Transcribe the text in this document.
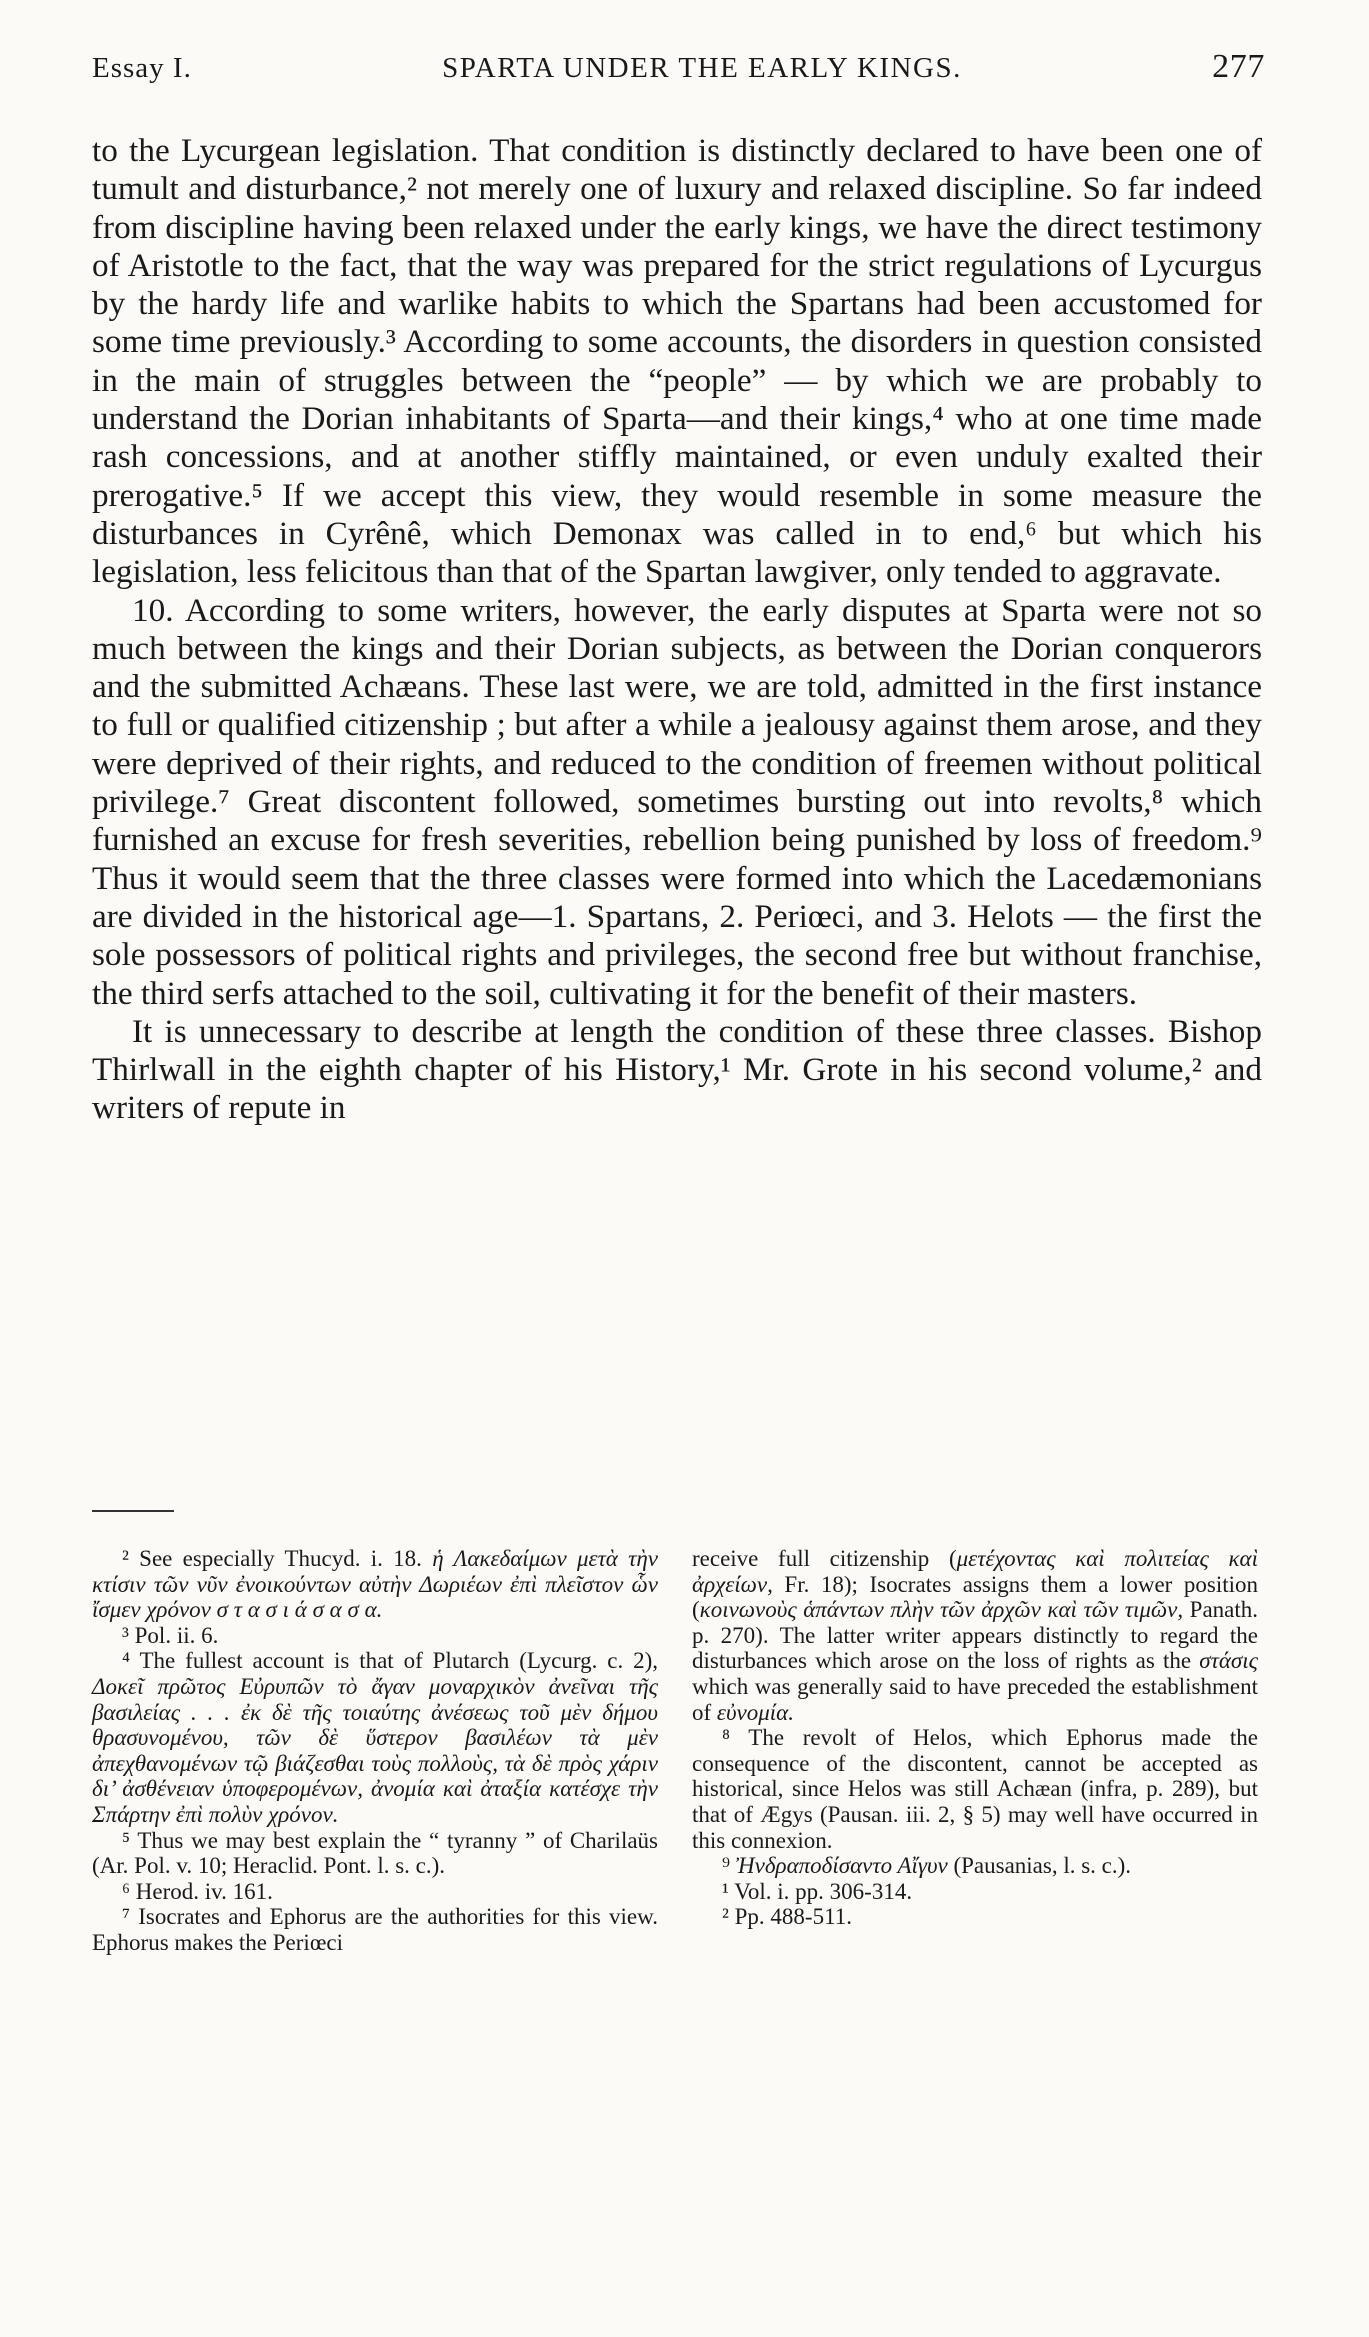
Essay I.	SPARTA UNDER THE EARLY KINGS.	277

to the Lycurgean legislation. That condition is distinctly declared to have been one of tumult and disturbance,² not merely one of luxury and relaxed discipline. So far indeed from discipline having been relaxed under the early kings, we have the direct testimony of Aristotle to the fact, that the way was prepared for the strict regulations of Lycurgus by the hardy life and warlike habits to which the Spartans had been accustomed for some time previously.³ According to some accounts, the disorders in question consisted in the main of struggles between the “people” — by which we are probably to understand the Dorian inhabitants of Sparta—and their kings,⁴ who at one time made rash concessions, and at another stiffly maintained, or even unduly exalted their prerogative.⁵ If we accept this view, they would resemble in some measure the disturbances in Cyrênê, which Demonax was called in to end,⁶ but which his legislation, less felicitous than that of the Spartan lawgiver, only tended to aggravate.

10. According to some writers, however, the early disputes at Sparta were not so much between the kings and their Dorian subjects, as between the Dorian conquerors and the submitted Achæans. These last were, we are told, admitted in the first instance to full or qualified citizenship ; but after a while a jealousy against them arose, and they were deprived of their rights, and reduced to the condition of freemen without political privilege.⁷ Great discontent followed, sometimes bursting out into revolts,⁸ which furnished an excuse for fresh severities, rebellion being punished by loss of freedom.⁹ Thus it would seem that the three classes were formed into which the Lacedæmonians are divided in the historical age—1. Spartans, 2. Periœci, and 3. Helots — the first the sole possessors of political rights and privileges, the second free but without franchise, the third serfs attached to the soil, cultivating it for the benefit of their masters.

It is unnecessary to describe at length the condition of these three classes. Bishop Thirlwall in the eighth chapter of his History,¹ Mr. Grote in his second volume,² and writers of repute in

² See especially Thucyd. i. 18. ἡ Λακεδαίμων μετὰ τὴν κτίσιν τῶν νῦν ἐνοικούντων αὐτὴν Δωριέων ἐπὶ πλεῖστον ὧν ἴσμεν χρόνον σ τ α σ ι ά σ α σ α.

³ Pol. ii. 6.

⁴ The fullest account is that of Plutarch (Lycurg. c. 2), Δοκεῖ πρῶτος Εὐρυπῶν τὸ ἄγαν μοναρχικὸν ἀνεῖναι τῆς βασιλείας . . . ἐκ δὲ τῆς τοιαύτης ἀνέσεως τοῦ μὲν δήμου θρασυνομένου, τῶν δὲ ὕστερον βασιλέων τὰ μὲν ἀπεχθανομένων τῷ βιάζεσθαι τοὺς πολλοὺς, τὰ δὲ πρὸς χάριν δι’ ἀσθένειαν ὑποφερομένων, ἀνομία καὶ ἀταξία κατέσχε τὴν Σπάρτην ἐπὶ πολὺν χρόνον.

⁵ Thus we may best explain the “ tyranny ” of Charilaüs (Ar. Pol. v. 10; Heraclid. Pont. l. s. c.).

⁶ Herod. iv. 161.

⁷ Isocrates and Ephorus are the authorities for this view. Ephorus makes the Periœci

receive full citizenship (μετέχοντας καὶ πολιτείας καὶ ἀρχείων, Fr. 18); Isocrates assigns them a lower position (κοινωνοὺς ἁπάντων πλὴν τῶν ἀρχῶν καὶ τῶν τιμῶν, Panath. p. 270). The latter writer appears distinctly to regard the disturbances which arose on the loss of rights as the στάσις which was generally said to have preceded the establishment of εὐνομία.

⁸ The revolt of Helos, which Ephorus made the consequence of the discontent, cannot be accepted as historical, since Helos was still Achæan (infra, p. 289), but that of Ægys (Pausan. iii. 2, § 5) may well have occurred in this connexion.

⁹ Ἠνδραποδίσαντο Αἴγυν (Pausanias, l. s. c.).

¹ Vol. i. pp. 306-314.

² Pp. 488-511.
